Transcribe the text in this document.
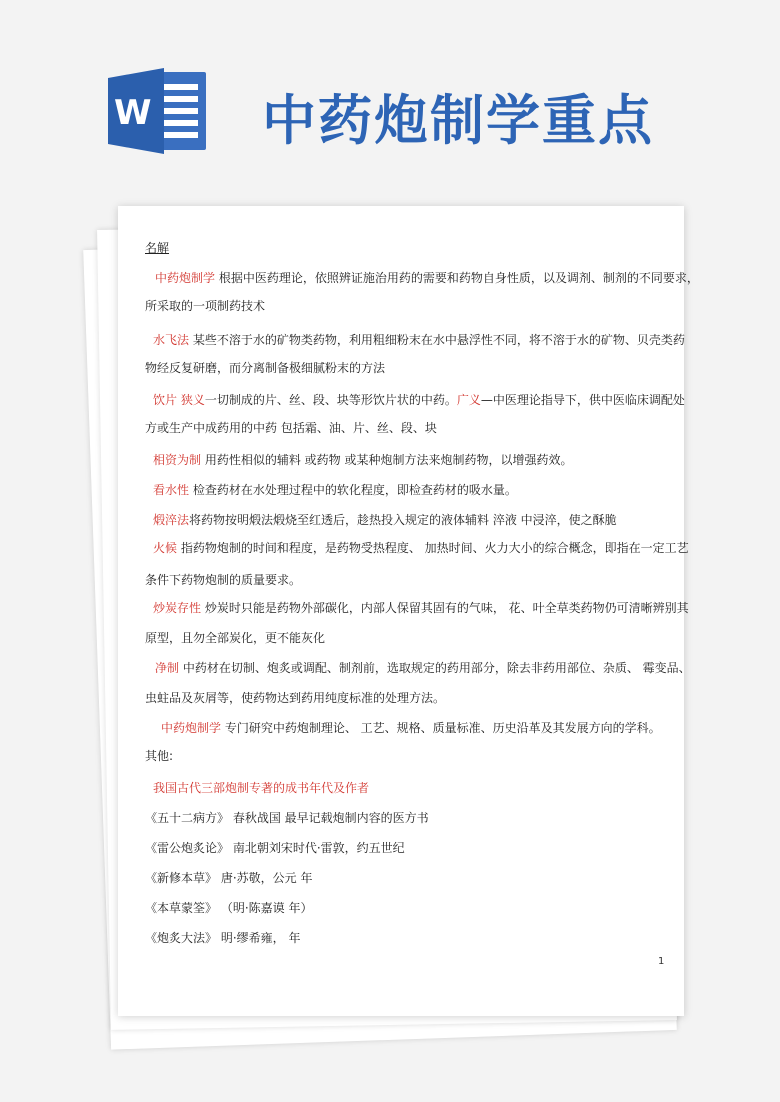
W 中药炮制学重点
名解
中药炮制学 根据中医药理论，依照辨证施治用药的需要和药物自身性质，以及调剂、制剂的不同要求，
所采取的一项制药技术
水飞法 某些不溶于水的矿物类药物，利用粗细粉末在水中悬浮性不同，将不溶于水的矿物、贝壳类药
物经反复研磨，而分离制备极细腻粉末的方法
饮片 狭义一切制成的片、丝、段、块等形饮片状的中药。广义—中医理论指导下，供中医临床调配处
方或生产中成药用的中药 包括霜、油、片、丝、段、块
相资为制 用药性相似的辅料 或药物 或某种炮制方法来炮制药物，以增强药效。
看水性 检查药材在水处理过程中的软化程度，即检查药材的吸水量。
煅淬法将药物按明煅法煅烧至红透后，趁热投入规定的液体辅料 淬液 中浸淬，使之酥脆
火候 指药物炮制的时间和程度，是药物受热程度、 加热时间、火力大小的综合概念，即指在一定工艺
条件下药物炮制的质量要求。
炒炭存性 炒炭时只能是药物外部碳化，内部人保留其固有的气味， 花、叶全草类药物仍可清晰辨别其
原型，且勿全部炭化，更不能灰化
净制 中药材在切制、炮炙或调配、制剂前，选取规定的药用部分，除去非药用部位、杂质、 霉变品、
虫蛀品及灰屑等，使药物达到药用纯度标准的处理方法。
中药炮制学 专门研究中药炮制理论、 工艺、规格、质量标准、历史沿革及其发展方向的学科。
其他:
我国古代三部炮制专著的成书年代及作者
《五十二病方》 春秋战国 最早记载炮制内容的医方书
《雷公炮炙论》 南北朝刘宋时代·雷敦，约五世纪
《新修本草》 唐·苏敬，公元 年
《本草蒙筌》 （明·陈嘉谟 年）
《炮炙大法》 明·缪希雍， 年
1
